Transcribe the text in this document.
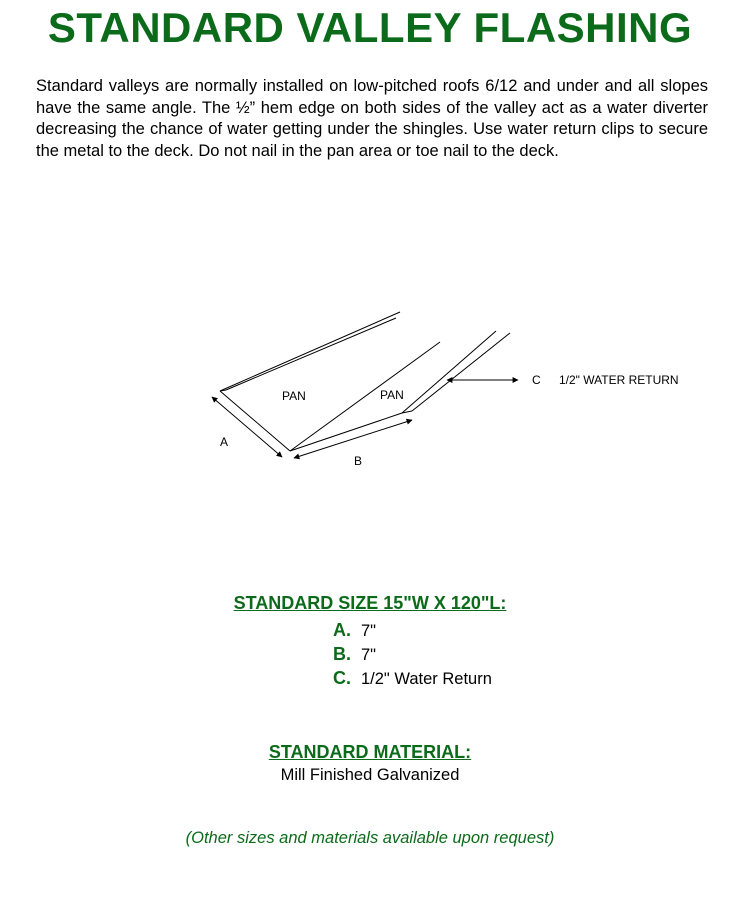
STANDARD VALLEY FLASHING

Standard valleys are normally installed on low-pitched roofs 6/12 and under and all slopes have the same angle. The ½” hem edge on both sides of the valley act as a water diverter decreasing the chance of water getting under the shingles. Use water return clips to secure the metal to the deck. Do not nail in the pan area or toe nail to the deck.

PAN	PAN
A
B
C 1/2" WATER RETURN
STANDARD SIZE 15"W X 120"L:
A. 7"
B. 7"
C. 1/2" Water Return
STANDARD MATERIAL:

Mill Finished Galvanized

(Other sizes and materials available upon request)
